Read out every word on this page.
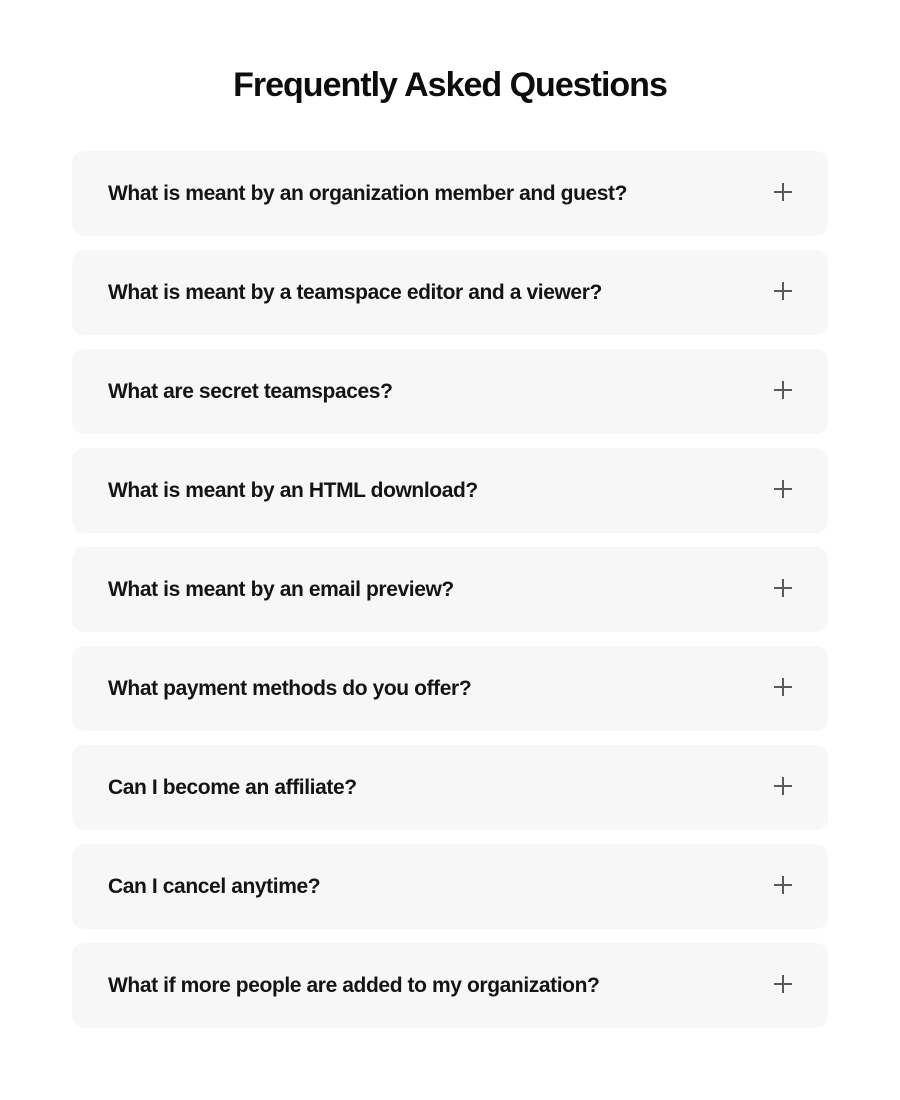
Frequently Asked Questions
What is meant by an organization member and guest?
What is meant by a teamspace editor and a viewer?
What are secret teamspaces?
What is meant by an HTML download?
What is meant by an email preview?
What payment methods do you offer?
Can I become an affiliate?
Can I cancel anytime?
What if more people are added to my organization?
